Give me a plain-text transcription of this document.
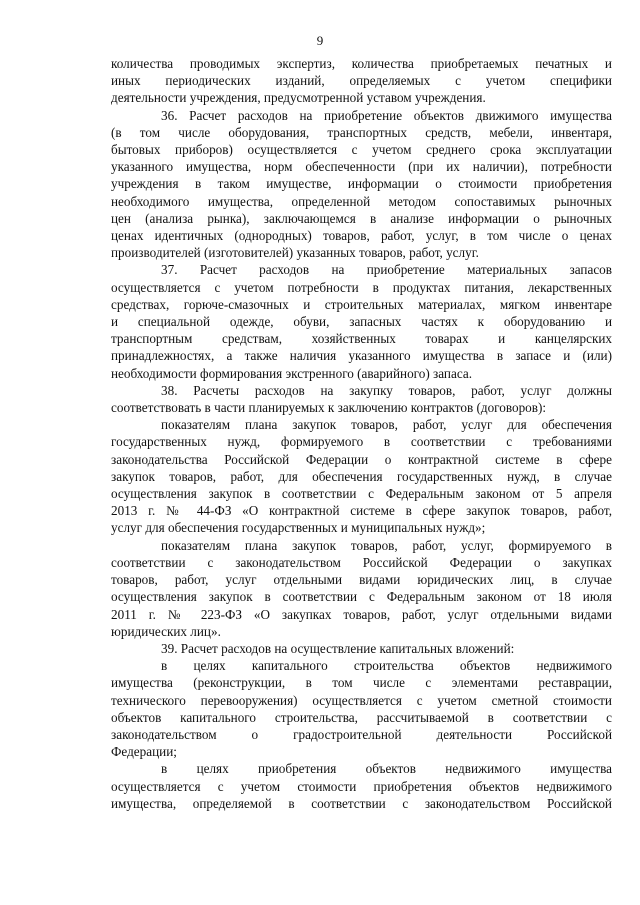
9
количества проводимых экспертиз, количества приобретаемых печатных и
иных периодических изданий, определяемых с учетом специфики
деятельности учреждения, предусмотренной уставом учреждения.
36. Расчет расходов на приобретение объектов движимого имущества
(в том числе оборудования, транспортных средств, мебели, инвентаря,
бытовых приборов) осуществляется с учетом среднего срока эксплуатации
указанного имущества, норм обеспеченности (при их наличии), потребности
учреждения в таком имуществе, информации о стоимости приобретения
необходимого имущества, определенной методом сопоставимых рыночных
цен (анализа рынка), заключающемся в анализе информации о рыночных
ценах идентичных (однородных) товаров, работ, услуг, в том числе о ценах
производителей (изготовителей) указанных товаров, работ, услуг.
37. Расчет расходов на приобретение материальных запасов
осуществляется с учетом потребности в продуктах питания, лекарственных
средствах, горюче-смазочных и строительных материалах, мягком инвентаре
и специальной одежде, обуви, запасных частях к оборудованию и
транспортным средствам, хозяйственных товарах и канцелярских
принадлежностях, а также наличия указанного имущества в запасе и (или)
необходимости формирования экстренного (аварийного) запаса.
38. Расчеты расходов на закупку товаров, работ, услуг должны
соответствовать в части планируемых к заключению контрактов (договоров):
показателям плана закупок товаров, работ, услуг для обеспечения
государственных нужд, формируемого в соответствии с требованиями
законодательства Российской Федерации о контрактной системе в сфере
закупок товаров, работ, для обеспечения государственных нужд, в случае
осуществления закупок в соответствии с Федеральным законом от 5 апреля
2013 г. № 44-ФЗ «О контрактной системе в сфере закупок товаров, работ,
услуг для обеспечения государственных и муниципальных нужд»;
показателям плана закупок товаров, работ, услуг, формируемого в
соответствии с законодательством Российской Федерации о закупках
товаров, работ, услуг отдельными видами юридических лиц, в случае
осуществления закупок в соответствии с Федеральным законом от 18 июля
2011 г. № 223-ФЗ «О закупках товаров, работ, услуг отдельными видами
юридических лиц».
39. Расчет расходов на осуществление капитальных вложений:
в целях капитального строительства объектов недвижимого
имущества (реконструкции, в том числе с элементами реставрации,
технического перевооружения) осуществляется с учетом сметной стоимости
объектов капитального строительства, рассчитываемой в соответствии с
законодательством о градостроительной деятельности Российской
Федерации;
в целях приобретения объектов недвижимого имущества
осуществляется с учетом стоимости приобретения объектов недвижимого
имущества, определяемой в соответствии с законодательством Российской
